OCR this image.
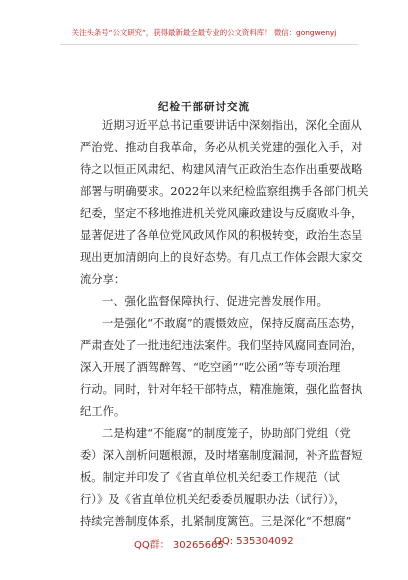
关注头条号“公文研究”，获得最新最全最专业的公文资料库！ 微信：gongwenyj
纪检干部研讨交流
近期习近平总书记重要讲话中深刻指出，深化全面从
严治党、推动自我革命，务必从机关党建的强化入手，对
待之以恒正风肃纪、构建风清气正政治生态作出重要战略
部署与明确要求。2022年以来纪检监察组携手各部门机关
纪委，坚定不移地推进机关党风廉政建设与反腐败斗争，
显著促进了各单位党风政风作风的积极转变，政治生态呈
现出更加清朗向上的良好态势。有几点工作体会跟大家交
流分享：
一、强化监督保障执行、促进完善发展作用。
一是强化“不敢腐”的震慑效应，保持反腐高压态势，
严肃查处了一批违纪违法案件。我们坚持风腐同查同治，
深入开展了酒驾醉驾、“吃空函”“吃公函”等专项治理
行动。同时，针对年轻干部特点，精准施策，强化监督执
纪工作。
二是构建“不能腐”的制度笼子，协助部门党组（党
委）深入剖析问题根源，及时堵塞制度漏洞，补齐监督短
板。制定并印发了《省直单位机关纪委工作规范（试
行）》及《省直单位机关纪委委员履职办法（试行）》，
持续完善制度体系，扎紧制度篱笆。三是深化“不想腐”
QQ群： 30265665
QQ: 535304092
